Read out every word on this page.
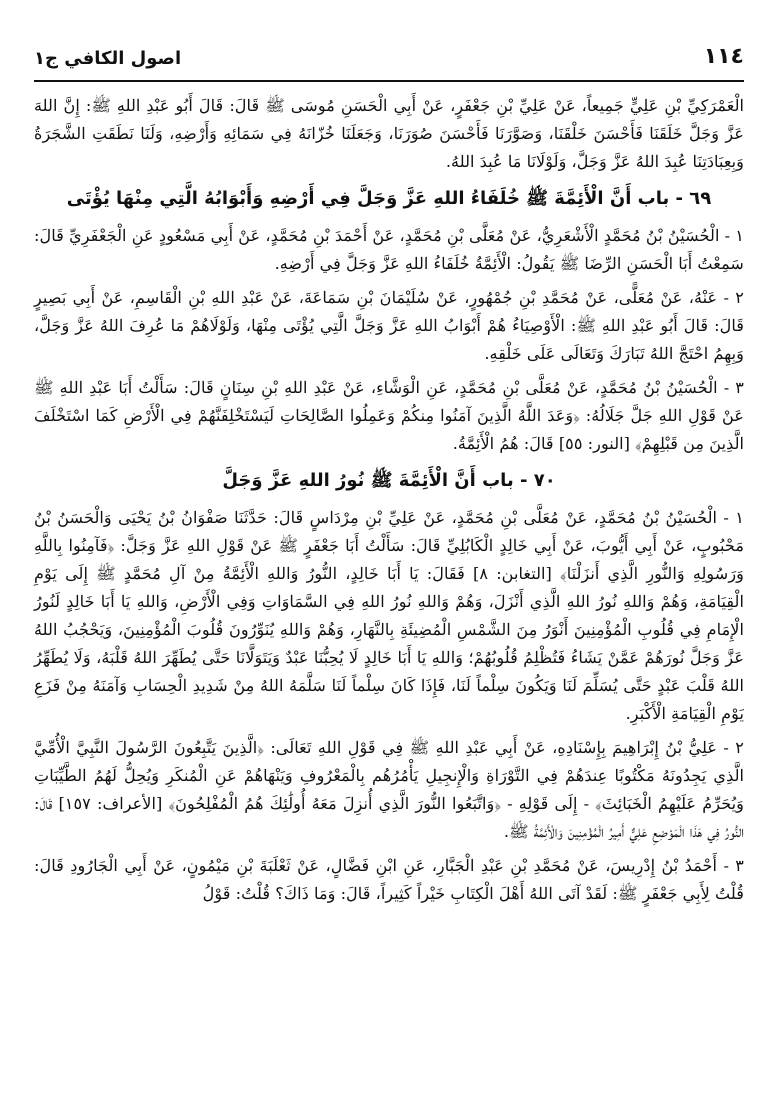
اصول الكافي ج۱	١١٤

الْعَمْرَكِيِّ بْنِ عَلِيٍّ جَمِيعاً، عَنْ عَلِيِّ بْنِ جَعْفَرٍ، عَنْ أَبِي الْحَسَنِ مُوسَى ﷺ قَالَ: قَالَ أَبُو عَبْدِ اللهِ ﷺ: إِنَّ اللهَ عَزَّ وَجَلَّ خَلَقَنَا فَأَحْسَنَ خَلْقَنَا، وَصَوَّرَنَا فَأَحْسَنَ صُوَرَنَا، وَجَعَلَنَا خُزّانَهُ فِي سَمَائِهِ وَأَرْضِهِ، وَلَنَا نَطَقَتِ الشَّجَرَةُ وَبِعِبَادَتِنَا عُبِدَ اللهُ عَزَّ وَجَلَّ، وَلَوْلَانَا مَا عُبِدَ اللهُ.

٦٩ - باب أَنَّ الْأَئِمَّةَ ﷺ خُلَفَاءُ اللهِ عَزَّ وَجَلَّ فِي أَرْضِهِ وَأَبْوَابُهُ الَّتِي مِنْهَا يُؤْتَى

١ - الْحُسَيْنُ بْنُ مُحَمَّدٍ الْأَشْعَرِيُّ، عَنْ مُعَلَّى بْنِ مُحَمَّدٍ، عَنْ أَحْمَدَ بْنِ مُحَمَّدٍ، عَنْ أَبِي مَسْعُودٍ عَنِ الْجَعْفَرِيِّ قَالَ: سَمِعْتُ أَبَا الْحَسَنِ الرِّضَا ﷺ يَقُولُ: الْأَئِمَّةُ خُلَفَاءُ اللهِ عَزَّ وَجَلَّ فِي أَرْضِهِ.

٢ - عَنْهُ، عَنْ مُعَلًّى، عَنْ مُحَمَّدِ بْنِ جُمْهُورٍ، عَنْ سُلَيْمَانَ بْنِ سَمَاعَةَ، عَنْ عَبْدِ اللهِ بْنِ الْقَاسِمِ، عَنْ أَبِي بَصِيرٍ قَالَ: قَالَ أَبُو عَبْدِ اللهِ ﷺ: الْأَوْصِيَاءُ هُمْ أَبْوَابُ اللهِ عَزَّ وَجَلَّ الَّتِي يُؤْتَى مِنْهَا، وَلَوْلَاهُمْ مَا عُرِفَ اللهُ عَزَّ وَجَلَّ، وَبِهِمُ احْتَجَّ اللهُ تَبَارَكَ وَتَعَالَى عَلَى خَلْقِهِ.

٣ - الْحُسَيْنُ بْنُ مُحَمَّدٍ، عَنْ مُعَلَّى بْنِ مُحَمَّدٍ، عَنِ الْوَشَّاءِ، عَنْ عَبْدِ اللهِ بْنِ سِنَانٍ قَالَ: سَأَلْتُ أَبَا عَبْدِ اللهِ ﷺ عَنْ قَوْلِ اللهِ جَلَّ جَلَالُهُ: ﴿وَعَدَ اللَّهُ الَّذِينَ آمَنُوا مِنكُمْ وَعَمِلُوا الصَّالِحَاتِ لَيَسْتَخْلِفَنَّهُمْ فِي الْأَرْضِ كَمَا اسْتَخْلَفَ الَّذِينَ مِن قَبْلِهِمْ﴾ [النور: ٥٥] قَالَ: هُمُ الْأَئِمَّةُ.

٧٠ - باب أَنَّ الْأَئِمَّةَ ﷺ نُورُ اللهِ عَزَّ وَجَلَّ

١ - الْحُسَيْنُ بْنُ مُحَمَّدٍ، عَنْ مُعَلَّى بْنِ مُحَمَّدٍ، عَنْ عَلِيِّ بْنِ مِرْدَاسٍ قَالَ: حَدَّثَنَا صَفْوَانُ بْنُ يَحْيَى وَالْحَسَنُ بْنُ مَحْبُوبٍ، عَنْ أَبِي أَيُّوبَ، عَنْ أَبِي خَالِدٍ الْكَابُلِيِّ قَالَ: سَأَلْتُ أَبَا جَعْفَرٍ ﷺ عَنْ قَوْلِ اللهِ عَزَّ وَجَلَّ: ﴿فَآمِنُوا بِاللَّهِ وَرَسُولِهِ وَالنُّورِ الَّذِي أَنزَلْنَا﴾ [التغابن: ٨] فَقَالَ: يَا أَبَا خَالِدٍ، النُّورُ وَاللهِ الْأَئِمَّةُ مِنْ آلِ مُحَمَّدٍ ﷺ إِلَى يَوْمِ الْقِيَامَةِ، وَهُمْ وَاللهِ نُورُ اللهِ الَّذِي أَنْزَلَ، وَهُمْ وَاللهِ نُورُ اللهِ فِي السَّمَاوَاتِ وَفِي الْأَرْضِ، وَاللهِ يَا أَبَا خَالِدٍ لَنُورُ الْإِمَامِ فِي قُلُوبِ الْمُؤْمِنِينَ أَنْوَرُ مِنَ الشَّمْسِ الْمُضِيئَةِ بِالنَّهَارِ، وَهُمْ وَاللهِ يُنَوِّرُونَ قُلُوبَ الْمُؤْمِنِينَ، وَيَحْجُبُ اللهُ عَزَّ وَجَلَّ نُورَهُمْ عَمَّنْ يَشَاءُ فَتُظْلِمُ قُلُوبُهُمْ؛ وَاللهِ يَا أَبَا خَالِدٍ لَا يُحِبُّنَا عَبْدٌ وَيَتَوَلَّانَا حَتَّى يُطَهِّرَ اللهُ قَلْبَهُ، وَلَا يُطَهِّرُ اللهُ قَلْبَ عَبْدٍ حَتَّى يُسَلِّمَ لَنَا وَيَكُونَ سِلْماً لَنَا، فَإِذَا كَانَ سِلْماً لَنَا سَلَّمَهُ اللهُ مِنْ شَدِيدِ الْحِسَابِ وَآمَنَهُ مِنْ فَزَعِ يَوْمِ الْقِيَامَةِ الْأَكْبَرِ.

٢ - عَلِيُّ بْنُ إِبْرَاهِيمَ بِإِسْنَادِهِ، عَنْ أَبِي عَبْدِ اللهِ ﷺ فِي قَوْلِ اللهِ تَعَالَى: ﴿الَّذِينَ يَتَّبِعُونَ الرَّسُولَ النَّبِيَّ الْأُمِّيَّ الَّذِي يَجِدُونَهُ مَكْتُوبًا عِندَهُمْ فِي التَّوْرَاةِ وَالْإِنجِيلِ يَأْمُرُهُم بِالْمَعْرُوفِ وَيَنْهَاهُمْ عَنِ الْمُنكَرِ وَيُحِلُّ لَهُمُ الطَّيِّبَاتِ وَيُحَرِّمُ عَلَيْهِمُ الْخَبَائِثَ﴾ - إِلَى قَوْلِهِ - ﴿وَاتَّبَعُوا النُّورَ الَّذِي أُنزِلَ مَعَهُ أُولَٰئِكَ هُمُ الْمُفْلِحُونَ﴾ [الأعراف: ١٥٧] قَالَ: النُّورُ فِي هَذَا الْمَوْضِعِ عَلِيٌّ أَمِيرُ الْمُؤْمِنِينَ وَالْأَئِمَّةُ ﷺ.

٣ - أَحْمَدُ بْنُ إِدْرِيسَ، عَنْ مُحَمَّدِ بْنِ عَبْدِ الْجَبَّارِ، عَنِ ابْنِ فَضَّالٍ، عَنْ ثَعْلَبَةَ بْنِ مَيْمُونٍ، عَنْ أَبِي الْجَارُودِ قَالَ: قُلْتُ لِأَبِي جَعْفَرٍ ﷺ: لَقَدْ آتَى اللهُ أَهْلَ الْكِتَابِ خَيْراً كَثِيراً، قَالَ: وَمَا ذَاكَ؟ قُلْتُ: قَوْلُ
